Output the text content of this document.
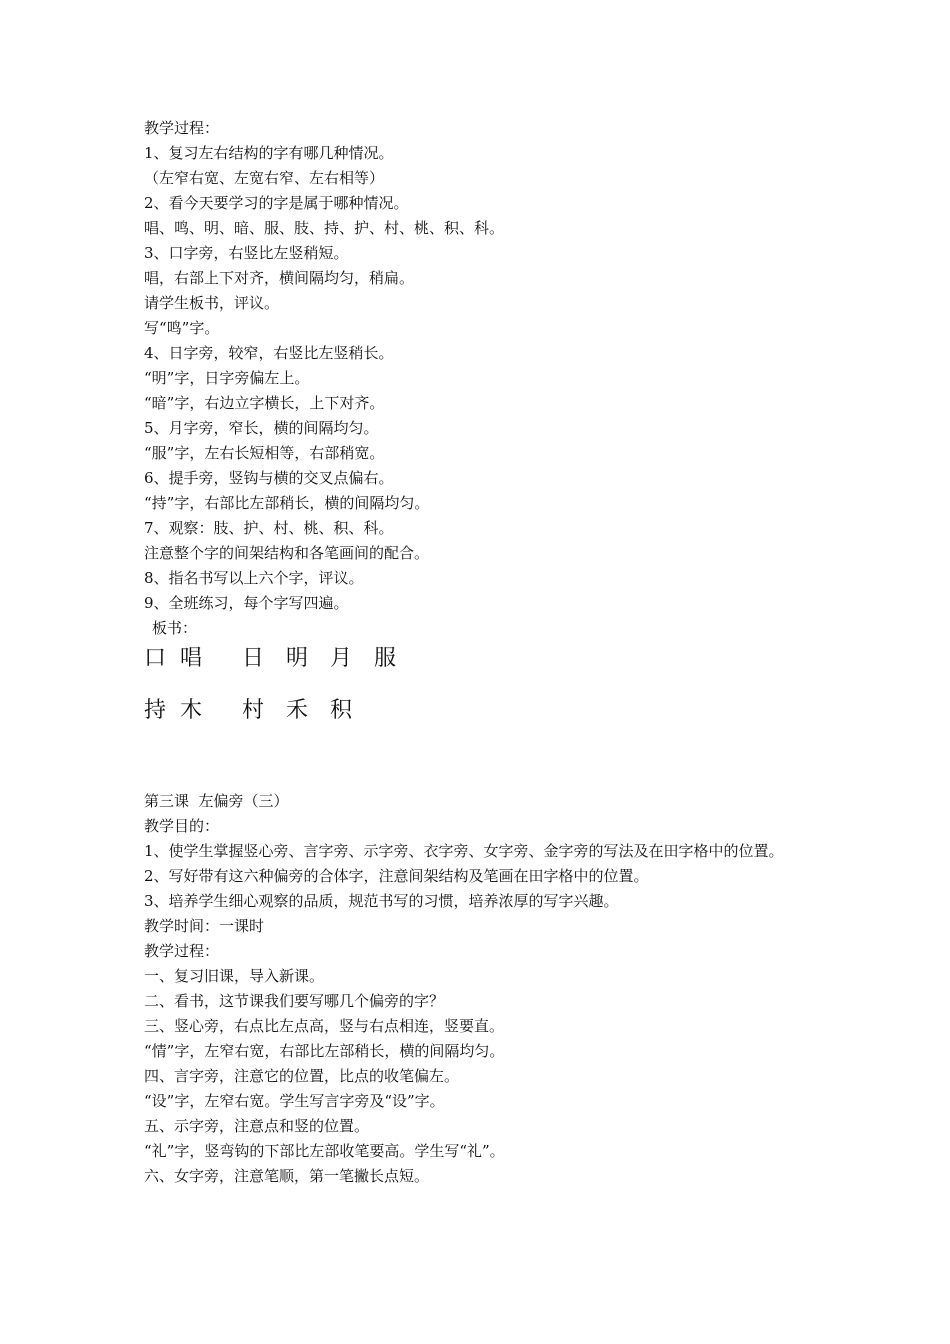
教学过程：
1、复习左右结构的字有哪几种情况。
（左窄右宽、左宽右窄、左右相等）
2、看今天要学习的字是属于哪种情况。
唱、鸣、明、暗、服、肢、持、护、村、桃、积、科。
3、口字旁，右竖比左竖稍短。
唱，右部上下对齐，横间隔均匀，稍扁。
请学生板书，评议。
写“鸣”字。
4、日字旁，较窄，右竖比左竖稍长。
“明”字，日字旁偏左上。
“暗”字，右边立字横长，上下对齐。
5、月字旁，窄长，横的间隔均匀。
“服”字，左右长短相等，右部稍宽。
6、提手旁，竖钩与横的交叉点偏右。
“持”字，右部比左部稍长，横的间隔均匀。
7、观察：肢、护、村、桃、积、科。
注意整个字的间架结构和各笔画间的配合。
8、指名书写以上六个字，评议。
9、全班练习，每个字写四遍。
板书：
口 唱	日 明 月 服
持 木	村 禾 积
第三课  左偏旁（三）
教学目的：
1、使学生掌握竖心旁、言字旁、示字旁、衣字旁、女字旁、金字旁的写法及在田字格中的位置。
2、写好带有这六种偏旁的合体字，注意间架结构及笔画在田字格中的位置。
3、培养学生细心观察的品质，规范书写的习惯，培养浓厚的写字兴趣。
教学时间：一课时
教学过程：
一、复习旧课，导入新课。
二、看书，这节课我们要写哪几个偏旁的字？
三、竖心旁，右点比左点高，竖与右点相连，竖要直。
“情”字，左窄右宽，右部比左部稍长，横的间隔均匀。
四、言字旁，注意它的位置，比点的收笔偏左。
“设”字，左窄右宽。学生写言字旁及“设”字。
五、示字旁，注意点和竖的位置。
“礼”字，竖弯钩的下部比左部收笔要高。学生写“礼”。
六、女字旁，注意笔顺，第一笔撇长点短。
